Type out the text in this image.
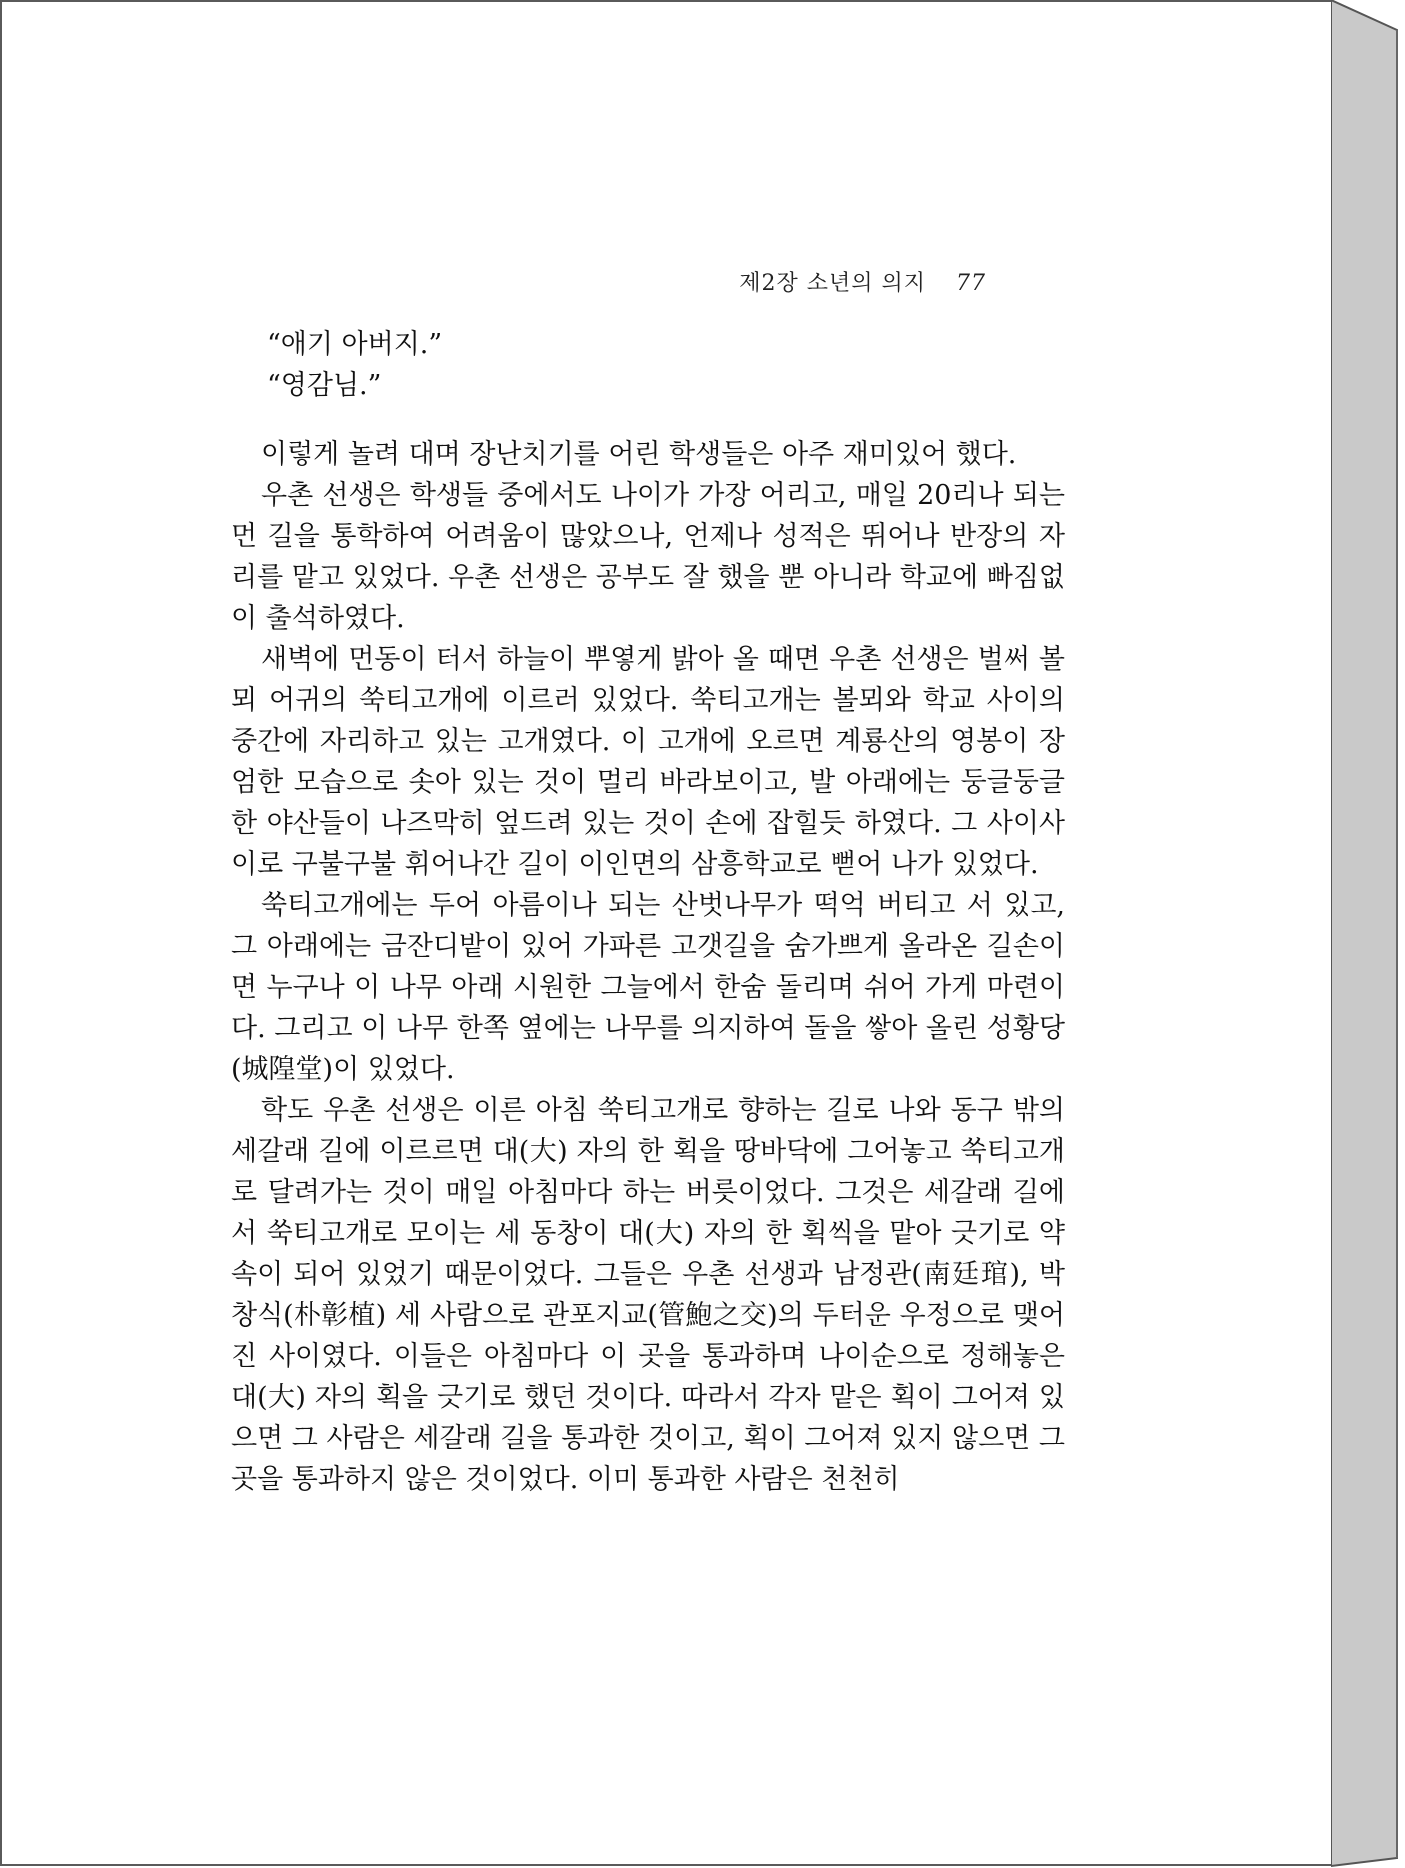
제2장 소년의 의지 77

“애기 아버지.”

“영감님.”

이렇게 놀려 대며 장난치기를 어린 학생들은 아주 재미있어 했다.

우촌 선생은 학생들 중에서도 나이가 가장 어리고, 매일 20리나 되는 먼 길을 통학하여 어려움이 많았으나, 언제나 성적은 뛰어나 반장의 자리를 맡고 있었다. 우촌 선생은 공부도 잘 했을 뿐 아니라 학교에 빠짐없이 출석하였다.

새벽에 먼동이 터서 하늘이 뿌옇게 밝아 올 때면 우촌 선생은 벌써 볼뫼 어귀의 쑥티고개에 이르러 있었다. 쑥티고개는 볼뫼와 학교 사이의 중간에 자리하고 있는 고개였다. 이 고개에 오르면 계룡산의 영봉이 장엄한 모습으로 솟아 있는 것이 멀리 바라보이고, 발 아래에는 둥글둥글한 야산들이 나즈막히 엎드려 있는 것이 손에 잡힐듯 하였다. 그 사이사이로 구불구불 휘어나간 길이 이인면의 삼흥학교로 뻗어 나가 있었다.

쑥티고개에는 두어 아름이나 되는 산벗나무가 떡억 버티고 서 있고, 그 아래에는 금잔디밭이 있어 가파른 고갯길을 숨가쁘게 올라온 길손이면 누구나 이 나무 아래 시원한 그늘에서 한숨 돌리며 쉬어 가게 마련이다. 그리고 이 나무 한쪽 옆에는 나무를 의지하여 돌을 쌓아 올린 성황당(城隍堂)이 있었다.

학도 우촌 선생은 이른 아침 쑥티고개로 향하는 길로 나와 동구 밖의 세갈래 길에 이르르면 대(大) 자의 한 획을 땅바닥에 그어놓고 쑥티고개로 달려가는 것이 매일 아침마다 하는 버릇이었다. 그것은 세갈래 길에서 쑥티고개로 모이는 세 동창이 대(大) 자의 한 획씩을 맡아 긋기로 약속이 되어 있었기 때문이었다. 그들은 우촌 선생과 남정관(南廷琯), 박창식(朴彰植) 세 사람으로 관포지교(管鮑之交)의 두터운 우정으로 맺어진 사이였다. 이들은 아침마다 이 곳을 통과하며 나이순으로 정해놓은 대(大) 자의 획을 긋기로 했던 것이다. 따라서 각자 맡은 획이 그어져 있으면 그 사람은 세갈래 길을 통과한 것이고, 획이 그어져 있지 않으면 그 곳을 통과하지 않은 것이었다. 이미 통과한 사람은 천천히
